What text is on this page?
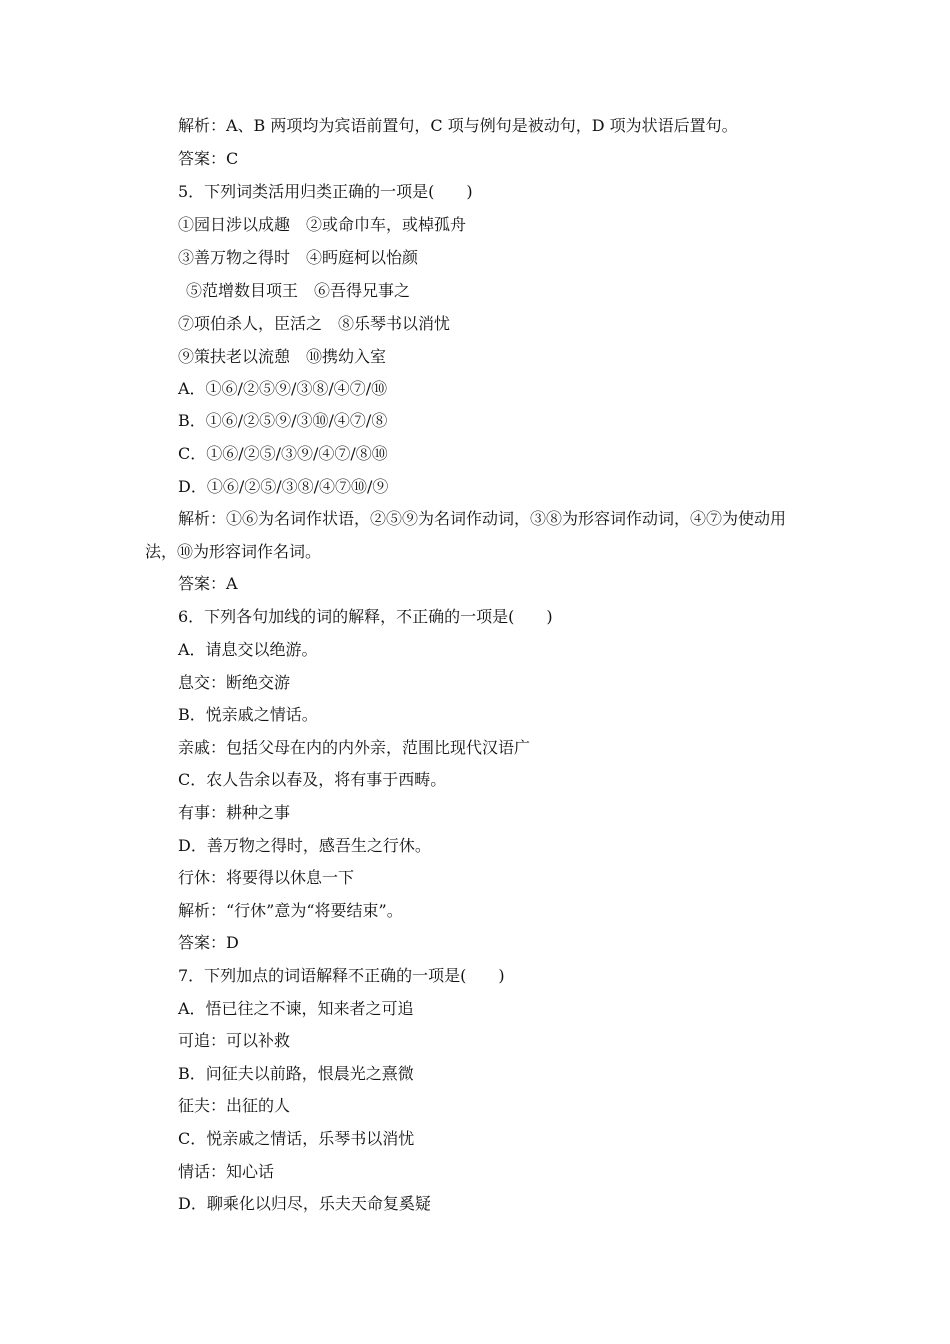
解析：A、B 两项均为宾语前置句，C 项与例句是被动句，D 项为状语后置句。
答案：C
5．下列词类活用归类正确的一项是(　　)
①园日涉以成趣　②或命巾车，或棹孤舟
③善万物之得时　④眄庭柯以怡颜
⑤范增数目项王　⑥吾得兄事之
⑦项伯杀人，臣活之　⑧乐琴书以消忧
⑨策扶老以流憩　⑩携幼入室
A．①⑥/②⑤⑨/③⑧/④⑦/⑩
B．①⑥/②⑤⑨/③⑩/④⑦/⑧
C．①⑥/②⑤/③⑨/④⑦/⑧⑩
D．①⑥/②⑤/③⑧/④⑦⑩/⑨
解析：①⑥为名词作状语，②⑤⑨为名词作动词，③⑧为形容词作动词，④⑦为使动用
法，⑩为形容词作名词。
答案：A
6．下列各句加线的词的解释，不正确的一项是(　　)
A．请息交以绝游。
息交：断绝交游
B．悦亲戚之情话。
亲戚：包括父母在内的内外亲，范围比现代汉语广
C．农人告余以春及，将有事于西畴。
有事：耕种之事
D．善万物之得时，感吾生之行休。
行休：将要得以休息一下
解析：“行休”意为“将要结束”。
答案：D
7．下列加点的词语解释不正确的一项是(　　)
A．悟已往之不谏，知来者之可追
可追：可以补救
B．问征夫以前路，恨晨光之熹微
征夫：出征的人
C．悦亲戚之情话，乐琴书以消忧
情话：知心话
D．聊乘化以归尽，乐夫天命复奚疑
